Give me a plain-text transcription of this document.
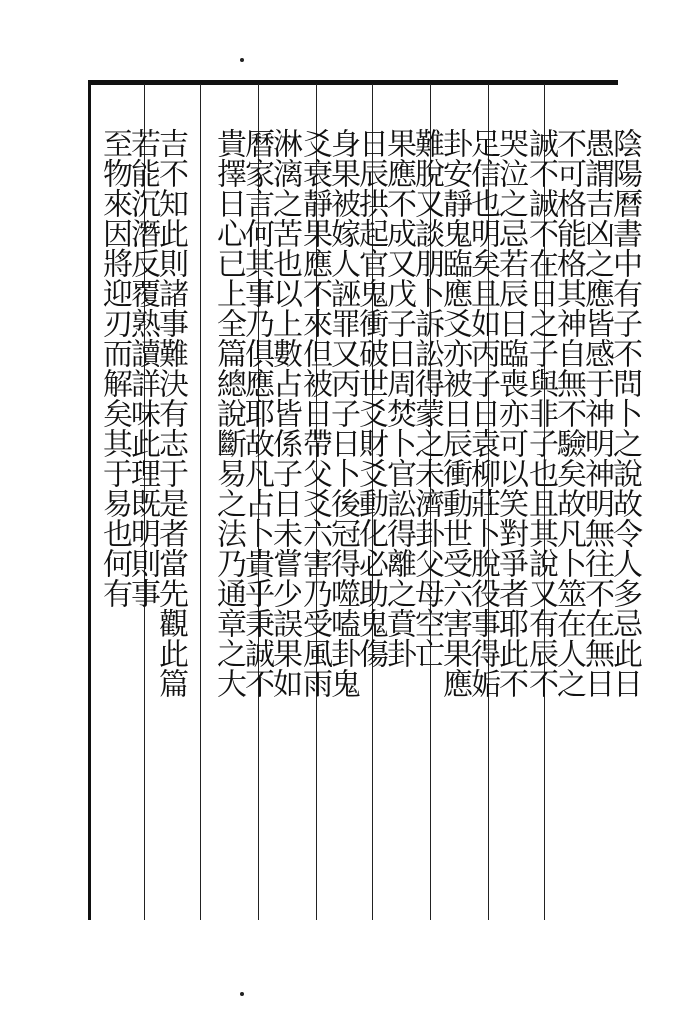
陰陽曆書中有子不問卜之說故令人多忌此日
愚謂吉凶之應皆感于神明神明無往不在無日
不可格能格其神自無不驗矣故凡卜筮在人之
誠不誠不在日之子與非子也且其說又有辰不
哭泣之忌若辰日臨喪亦可以笑對爭者耶此不
足信也明矣且如丙子日袁柳莊卜脫役事得姤
卦安靜鬼臨應爻亦被日辰衝動世受六害果應
難脫又談朋卜訴訟得蒙之未濟卦父母空亡
果應不成又戊子日周焚卜官訟得離之賁卦
日辰拱起官鬼衝破世爻財爻動化必助鬼傷
身果被嫁人誣罪又丙子日卜後冠得噬嗑卦鬼
爻衰靜果應不來但被日帶父爻六害乃受風雨
淋漓之苦也以上數占皆係子日未嘗少誤果如
曆家言何其事乃俱應耶故凡占卜貴乎秉誠不
貴擇日心已上全篇總說斷易之法乃通章之大
吉不知此則諸事難決有志于是者當先觀此篇
若能沉潛反覆熟讀詳味此理既明則事
至物來因將迎刃而解矣其于易也何有
